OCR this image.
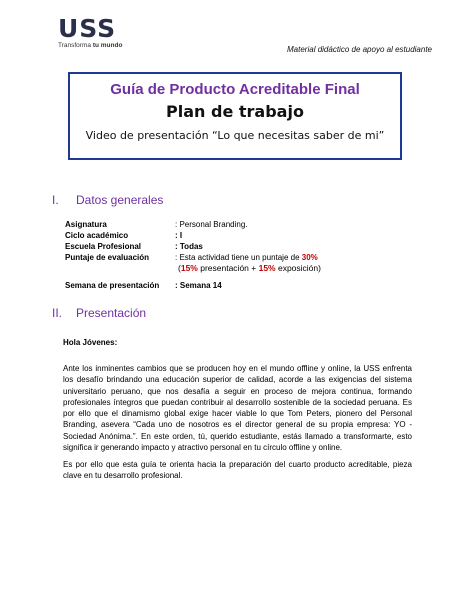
USS
Transforma tu mundo	Material didáctico de apoyo al estudiante
Guía de Producto Acreditable Final
Plan de trabajo
Video de presentación “Lo que necesitas saber de mi”
I. Datos generales
Asignatura	: Personal Branding.
Ciclo académico	: I
Escuela Profesional	: Todas
Puntaje de evaluación	: Esta actividad tiene un puntaje de 30%
(15% presentación + 15% exposición)
Semana de presentación : Semana 14
II. Presentación
Hola Jóvenes:
Ante los inminentes cambios que se producen hoy en el mundo offline y online, la USS enfrenta los desafío brindando una educación superior de calidad, acorde a las exigencias del sistema universitario peruano, que nos desafía a seguir en proceso de mejora continua, formando profesionales íntegros que puedan contribuir al desarrollo sostenible de la sociedad peruana. Es por ello que el dinamismo global exige hacer viable lo que Tom Peters, pionero del Personal Branding, asevera “Cada uno de nosotros es el director general de su propia empresa: YO - Sociedad Anónima.”. En este orden, tú, querido estudiante, estás llamado a transformarte, esto significa ir generando impacto y atractivo personal en tu círculo offline y online.
Es por ello que esta guía te orienta hacia la preparación del cuarto producto acreditable, pieza clave en tu desarrollo profesional.
